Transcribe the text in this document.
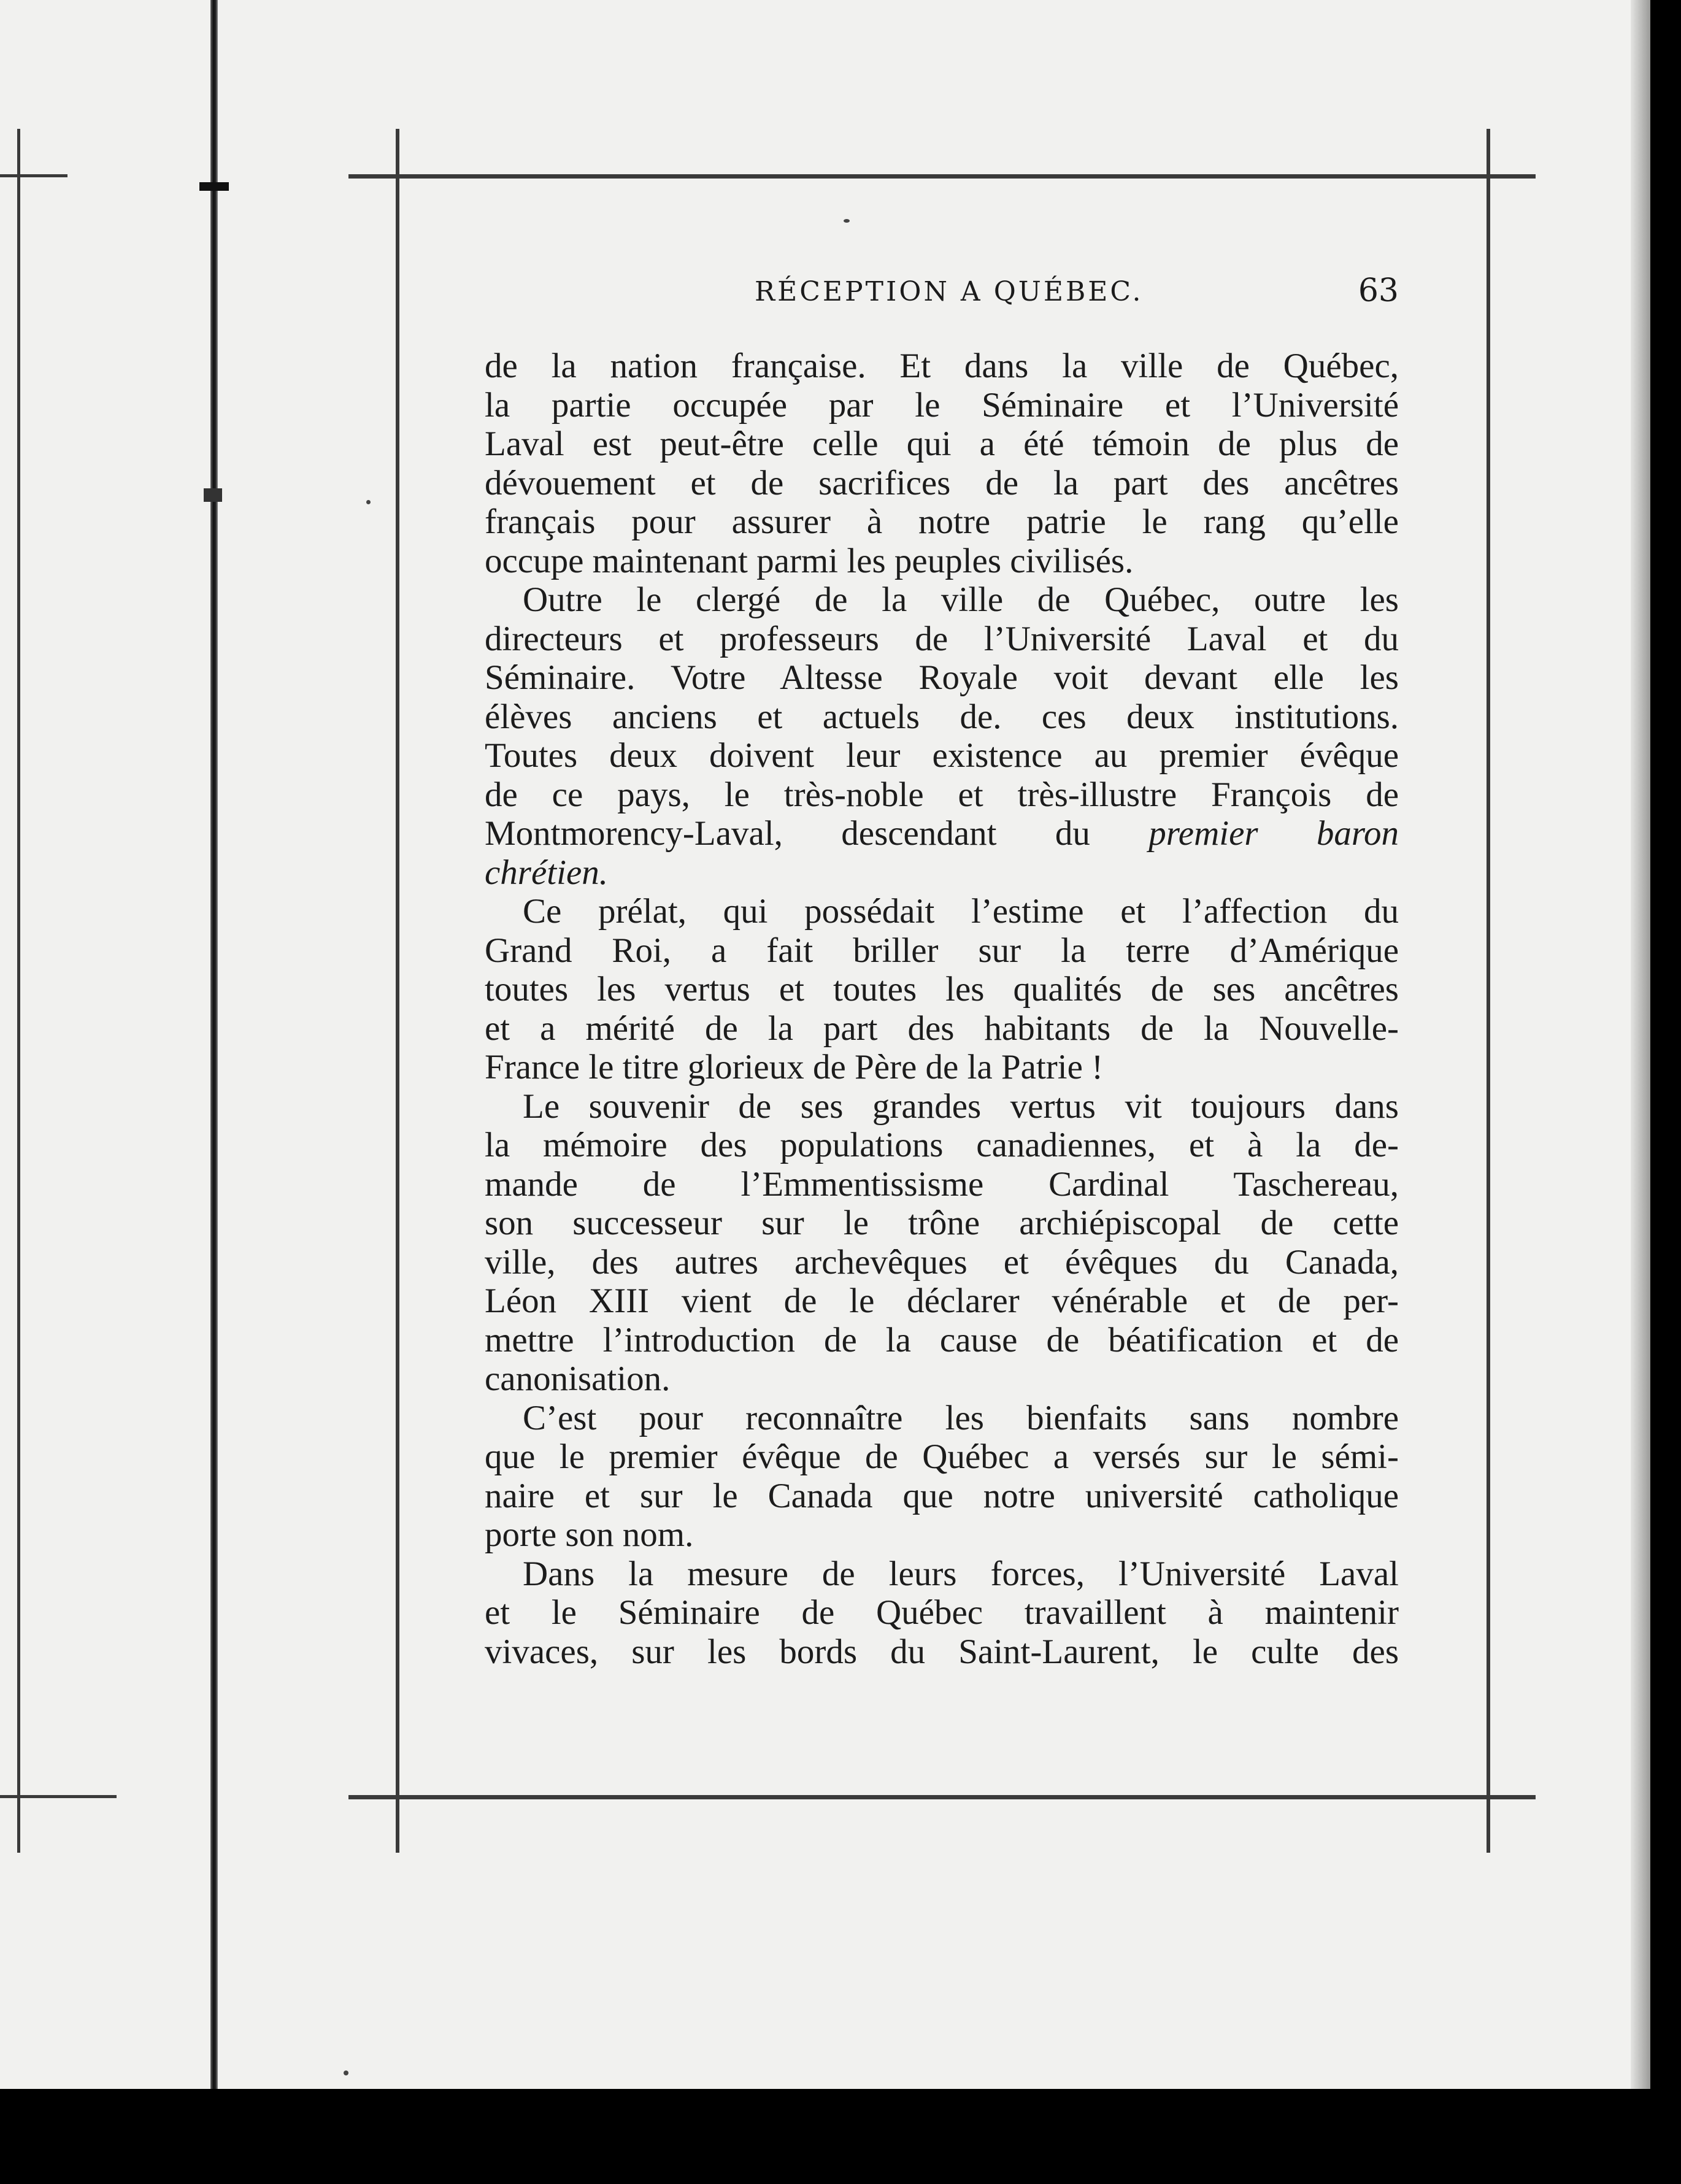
RÉCEPTION A QUÉBEC.	63
de la nation française. Et dans la ville de Québec,
la partie occupée par le Séminaire et l’Université
Laval est peut-être celle qui a été témoin de plus de
dévouement et de sacrifices de la part des ancêtres
français pour assurer à notre patrie le rang qu’elle
occupe maintenant parmi les peuples civilisés.
Outre le clergé de la ville de Québec, outre les
directeurs et professeurs de l’Université Laval et du
Séminaire. Votre Altesse Royale voit devant elle les
élèves anciens et actuels de. ces deux institutions.
Toutes deux doivent leur existence au premier évêque
de ce pays, le très-noble et très-illustre François de
Montmorency-Laval, descendant du premier baron
chrétien.
Ce prélat, qui possédait l’estime et l’affection du
Grand Roi, a fait briller sur la terre d’Amérique
toutes les vertus et toutes les qualités de ses ancêtres
et a mérité de la part des habitants de la Nouvelle-
France le titre glorieux de Père de la Patrie !
Le souvenir de ses grandes vertus vit toujours dans
la mémoire des populations canadiennes, et à la de-
mande de l’Emmentissisme Cardinal Taschereau,
son successeur sur le trône archiépiscopal de cette
ville, des autres archevêques et évêques du Canada,
Léon XIII vient de le déclarer vénérable et de per-
mettre l’introduction de la cause de béatification et de
canonisation.
C’est pour reconnaître les bienfaits sans nombre
que le premier évêque de Québec a versés sur le sémi-
naire et sur le Canada que notre université catholique
porte son nom.
Dans la mesure de leurs forces, l’Université Laval
et le Séminaire de Québec travaillent à maintenir
vivaces, sur les bords du Saint-Laurent, le culte des
